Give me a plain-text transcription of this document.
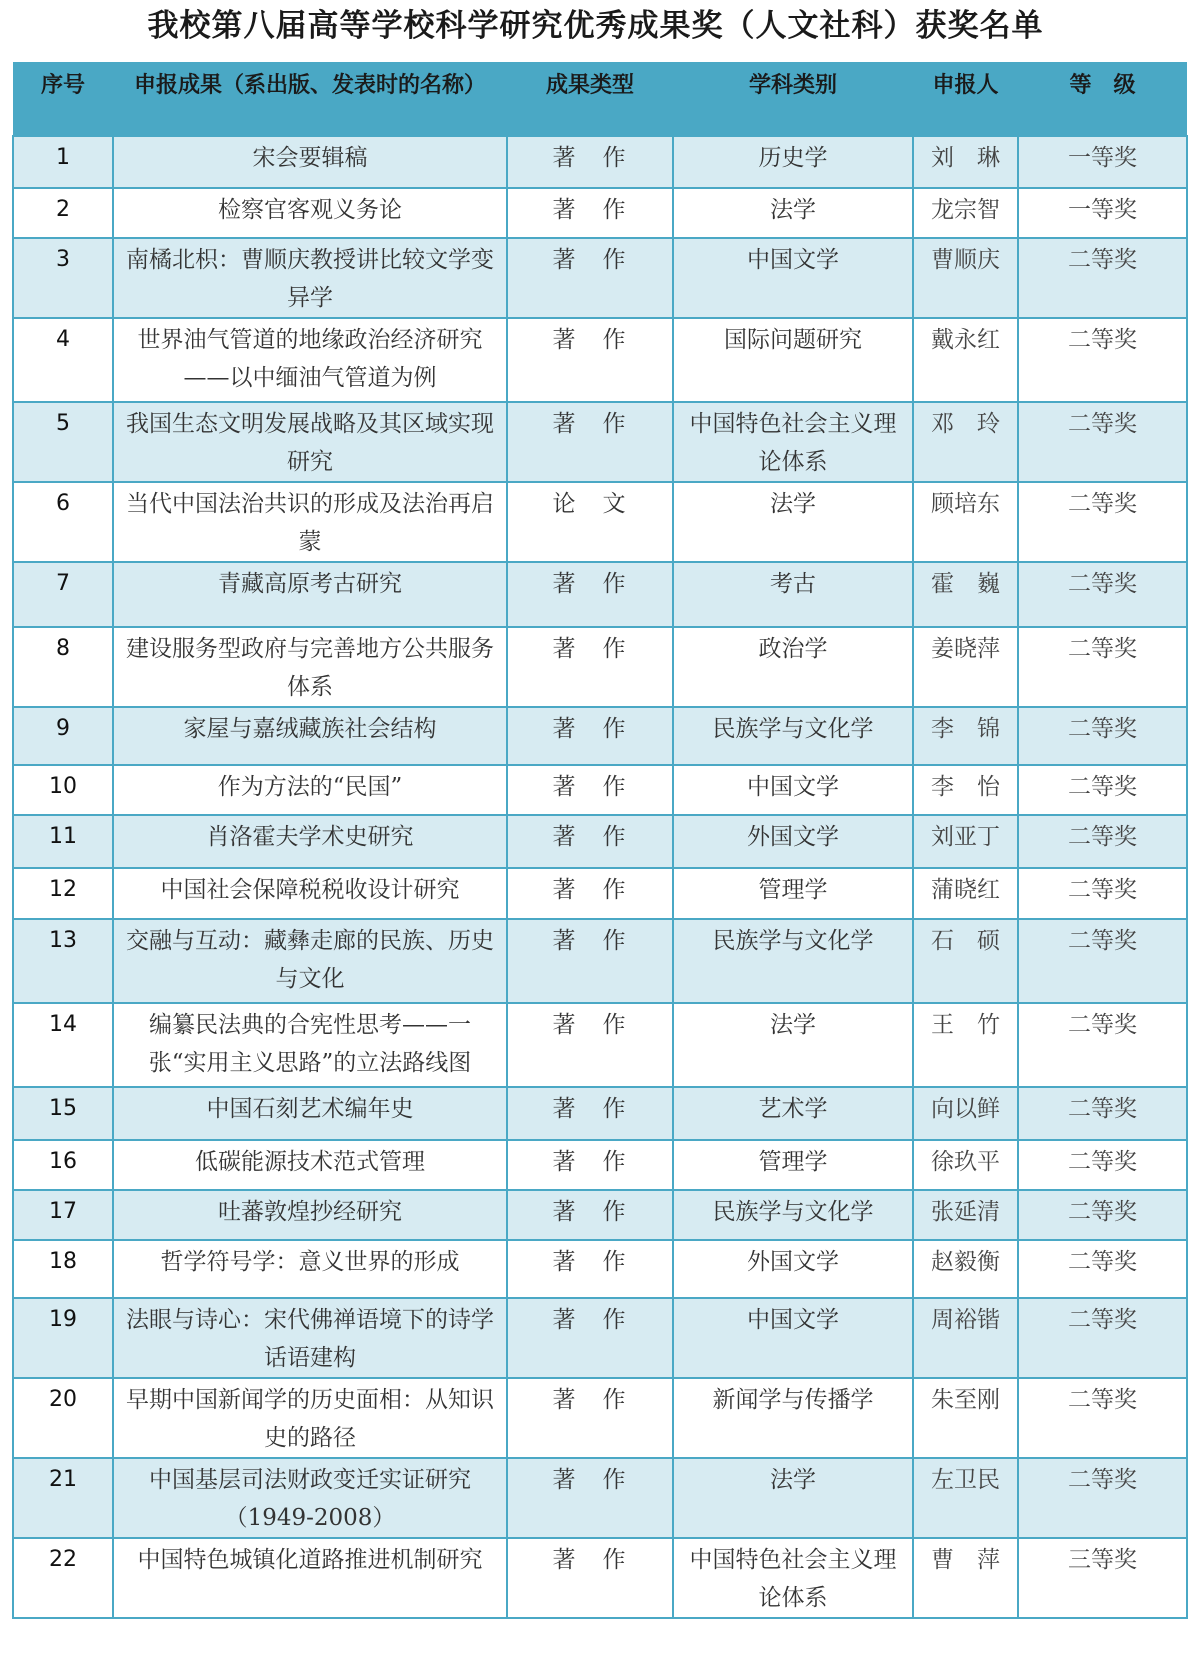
我校第八届高等学校科学研究优秀成果奖（人文社科）获奖名单
序号	申报成果（系出版、发表时的名称）	成果类型	学科类别	申报人	等　级
1	宋会要辑稿	著　作	历史学	刘　琳	一等奖
2	检察官客观义务论	著　作	法学	龙宗智	一等奖
3	南橘北枳：曹顺庆教授讲比较文学变异学	著　作	中国文学	曹顺庆	二等奖
4	世界油气管道的地缘政治经济研究——以中缅油气管道为例	著　作	国际问题研究	戴永红	二等奖
5	我国生态文明发展战略及其区域实现研究	著　作	中国特色社会主义理论体系	邓　玲	二等奖
6	当代中国法治共识的形成及法治再启蒙	论　文	法学	顾培东	二等奖
7	青藏高原考古研究	著　作	考古	霍　巍	二等奖
8	建设服务型政府与完善地方公共服务体系	著　作	政治学	姜晓萍	二等奖
9	家屋与嘉绒藏族社会结构	著　作	民族学与文化学	李　锦	二等奖
10	作为方法的“民国”	著　作	中国文学	李　怡	二等奖
11	肖洛霍夫学术史研究	著　作	外国文学	刘亚丁	二等奖
12	中国社会保障税税收设计研究	著　作	管理学	蒲晓红	二等奖
13	交融与互动：藏彝走廊的民族、历史与文化	著　作	民族学与文化学	石　硕	二等奖
14	编纂民法典的合宪性思考——一张“实用主义思路”的立法路线图	著　作	法学	王　竹	二等奖
15	中国石刻艺术编年史	著　作	艺术学	向以鲜	二等奖
16	低碳能源技术范式管理	著　作	管理学	徐玖平	二等奖
17	吐蕃敦煌抄经研究	著　作	民族学与文化学	张延清	二等奖
18	哲学符号学：意义世界的形成	著　作	外国文学	赵毅衡	二等奖
19	法眼与诗心：宋代佛禅语境下的诗学话语建构	著　作	中国文学	周裕锴	二等奖
20	早期中国新闻学的历史面相：从知识史的路径	著　作	新闻学与传播学	朱至刚	二等奖
21	中国基层司法财政变迁实证研究（1949-2008）	著　作	法学	左卫民	二等奖
22	中国特色城镇化道路推进机制研究	著　作	中国特色社会主义理论体系	曹　萍	三等奖
